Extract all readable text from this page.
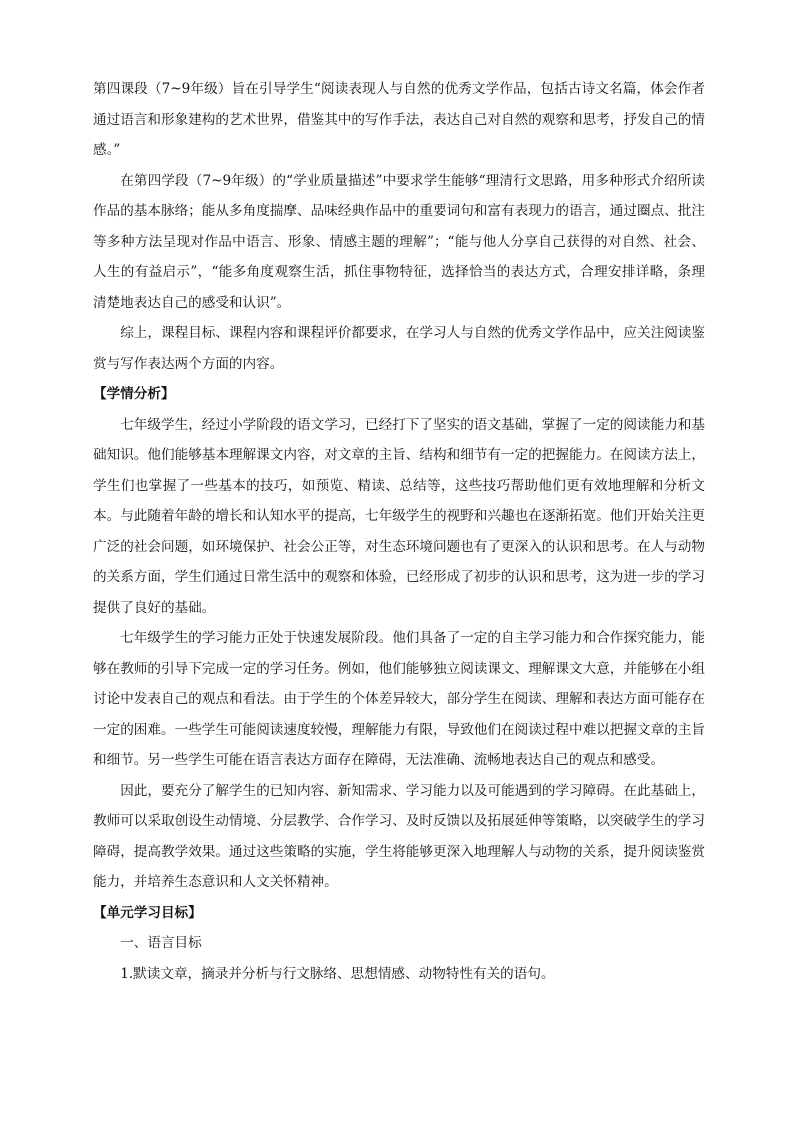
第四课段（7~9年级）旨在引导学生“阅读表现人与自然的优秀文学作品，包括古诗文名篇，体会作者通过语言和形象建构的艺术世界，借鉴其中的写作手法，表达自己对自然的观察和思考，抒发自己的情感。”

在第四学段（7~9年级）的“学业质量描述”中要求学生能够“理清行文思路，用多种形式介绍所读作品的基本脉络；能从多角度揣摩、品味经典作品中的重要词句和富有表现力的语言，通过圈点、批注等多种方法呈现对作品中语言、形象、情感主题的理解”；“能与他人分享自己获得的对自然、社会、人生的有益启示”，“能多角度观察生活，抓住事物特征，选择恰当的表达方式，合理安排详略，条理清楚地表达自己的感受和认识”。

综上，课程目标、课程内容和课程评价都要求，在学习人与自然的优秀文学作品中，应关注阅读鉴赏与写作表达两个方面的内容。

【学情分析】

七年级学生，经过小学阶段的语文学习，已经打下了坚实的语文基础，掌握了一定的阅读能力和基础知识。他们能够基本理解课文内容，对文章的主旨、结构和细节有一定的把握能力。在阅读方法上，学生们也掌握了一些基本的技巧，如预览、精读、总结等，这些技巧帮助他们更有效地理解和分析文本。与此随着年龄的增长和认知水平的提高，七年级学生的视野和兴趣也在逐渐拓宽。他们开始关注更广泛的社会问题，如环境保护、社会公正等，对生态环境问题也有了更深入的认识和思考。在人与动物的关系方面，学生们通过日常生活中的观察和体验，已经形成了初步的认识和思考，这为进一步的学习提供了良好的基础。

七年级学生的学习能力正处于快速发展阶段。他们具备了一定的自主学习能力和合作探究能力，能够在教师的引导下完成一定的学习任务。例如，他们能够独立阅读课文、理解课文大意，并能够在小组讨论中发表自己的观点和看法。由于学生的个体差异较大，部分学生在阅读、理解和表达方面可能存在一定的困难。一些学生可能阅读速度较慢，理解能力有限，导致他们在阅读过程中难以把握文章的主旨和细节。另一些学生可能在语言表达方面存在障碍，无法准确、流畅地表达自己的观点和感受。

因此，要充分了解学生的已知内容、新知需求、学习能力以及可能遇到的学习障碍。在此基础上，教师可以采取创设生动情境、分层教学、合作学习、及时反馈以及拓展延伸等策略，以突破学生的学习障碍，提高教学效果。通过这些策略的实施，学生将能够更深入地理解人与动物的关系，提升阅读鉴赏能力，并培养生态意识和人文关怀精神。

【单元学习目标】

一、语言目标

1.默读文章，摘录并分析与行文脉络、思想情感、动物特性有关的语句。
